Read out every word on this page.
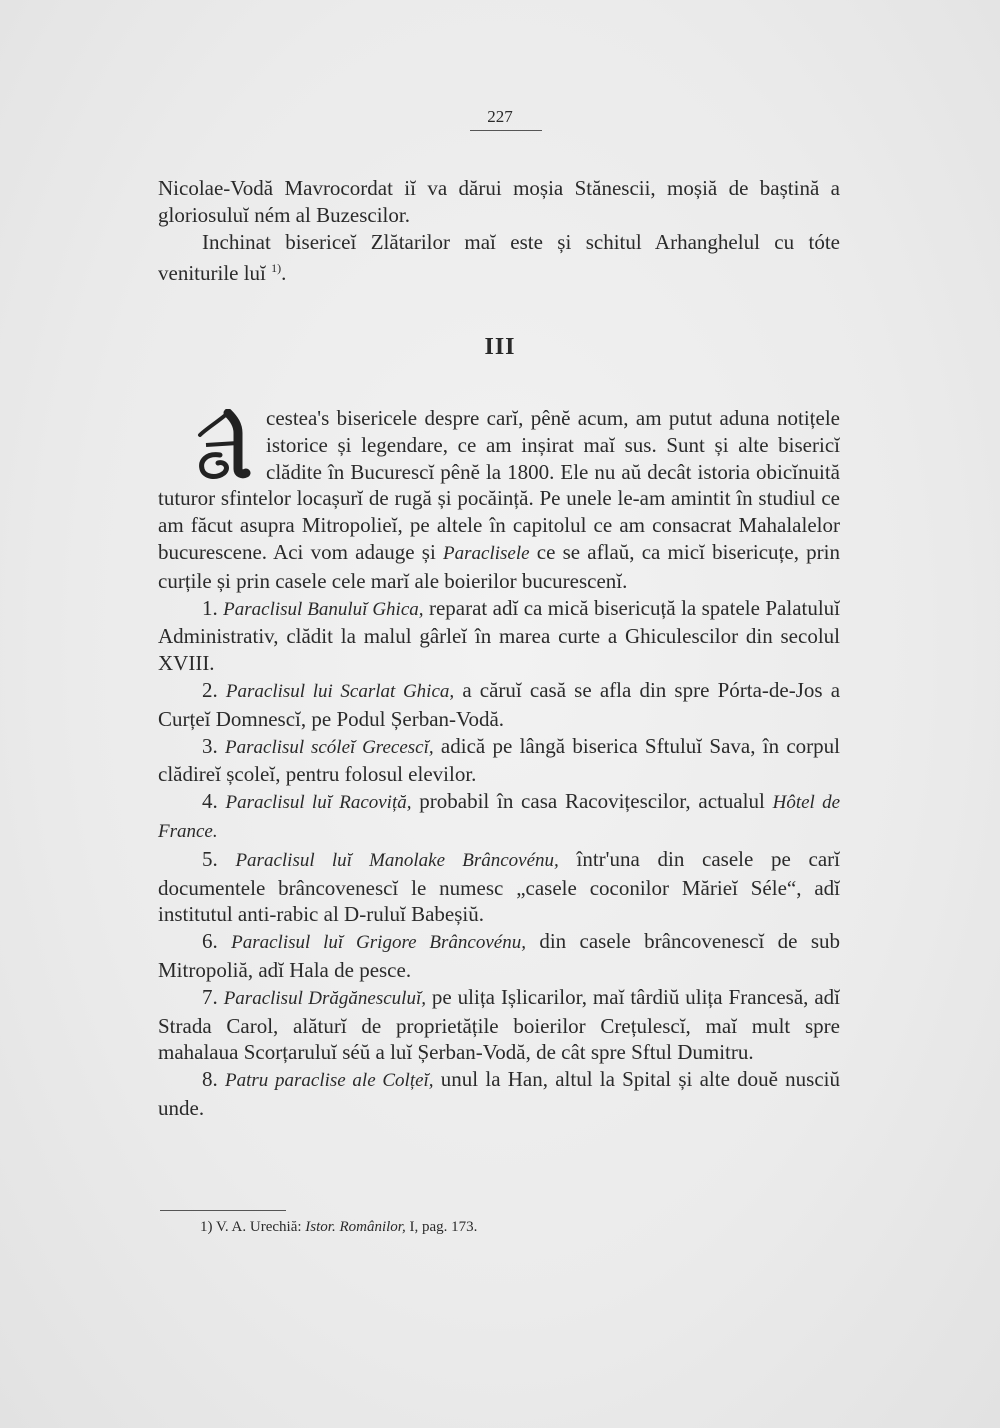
227

Nicolae-Vodă Mavrocordat iĭ va dărui moșia Stănescii, moșiă de baștină a gloriosuluĭ ném al Buzescilor.

Inchinat bisericeĭ Zlătarilor maĭ este și schitul Arhanghelul cu tóte veniturile luĭ $^{1)}$.

III

cestea's bisericele despre carĭ, pênĕ acum, am putut aduna notițele istorice și legendare, ce am inșirat maĭ sus. Sunt și alte bisericĭ clădite în Bucurescĭ pênĕ la 1800. Ele nu aŭ decât istoria obicĭnuită tuturor sfintelor locașurĭ de rugă și pocăință. Pe unele le-am amintit în studiul ce am făcut asupra Mitropolieĭ, pe altele în capitolul ce am consacrat Mahalalelor bucurescene. Aci vom adauge și Paraclisele ce se aflaŭ, ca micĭ bisericuțe, prin curțile și prin casele cele marĭ ale boierilor bucurescenĭ.

1. Paraclisul Banuluĭ Ghica, reparat adĭ ca mică bisericuță la spatele Palatuluĭ Administrativ, clădit la malul gârleĭ în marea curte a Ghiculescilor din secolul XVIII.

2. Paraclisul lui Scarlat Ghica, a căruĭ casă se afla din spre Pórta-de-Jos a Curțeĭ Domnescĭ, pe Podul Șerban-Vodă.

3. Paraclisul scóleĭ Grecescĭ, adică pe lângă biserica Sftuluĭ Sava, în corpul clădireĭ școleĭ, pentru folosul elevilor.

4. Paraclisul luĭ Racoviță, probabil în casa Racovițescilor, actualul Hôtel de France.

5. Paraclisul luĭ Manolake Brâncovénu, într'una din casele pe carĭ documentele brâncovenescĭ le numesc „casele coconilor Mărieĭ Séle“, adĭ institutul anti-rabic al D-ruluĭ Babeșiŭ.

6. Paraclisul luĭ Grigore Brâncovénu, din casele brâncovenescĭ de sub Mitropoliă, adĭ Hala de pesce.

7. Paraclisul Drăgănesculuĭ, pe ulița Ișlicarilor, maĭ târdiŭ ulița Francesă, adĭ Strada Carol, alăturĭ de proprietățile boierilor Crețulescĭ, maĭ mult spre mahalaua Scorțaruluĭ séŭ a luĭ Șerban-Vodă, de cât spre Sftul Dumitru.

8. Patru paraclise ale Colțeĭ, unul la Han, altul la Spital și alte douĕ nusciŭ unde.

1) V. A. Urechiă: Istor. Românilor, I, pag. 173.
